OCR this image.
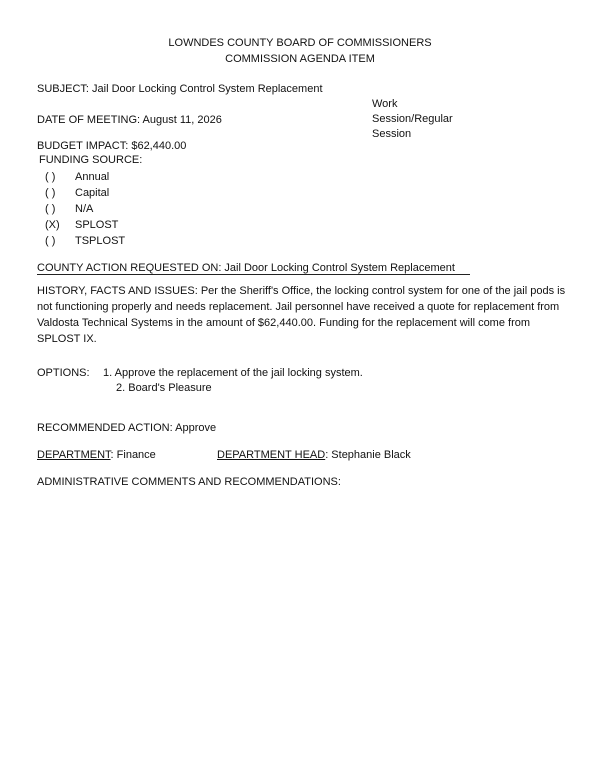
LOWNDES COUNTY BOARD OF COMMISSIONERS
COMMISSION AGENDA ITEM
SUBJECT: Jail Door Locking Control System Replacement
DATE OF MEETING: August 11, 2026
Work
Session/Regular
Session
BUDGET IMPACT: $62,440.00
FUNDING SOURCE:
( ) Annual
( ) Capital
( ) N/A
(X) SPLOST
( ) TSPLOST
COUNTY ACTION REQUESTED ON: Jail Door Locking Control System Replacement
HISTORY, FACTS AND ISSUES: Per the Sheriff's Office, the locking control system for one of the jail pods is not functioning properly and needs replacement. Jail personnel have received a quote for replacement from Valdosta Technical Systems in the amount of $62,440.00. Funding for the replacement will come from SPLOST IX.
OPTIONS: 1. Approve the replacement of the jail locking system.
2. Board's Pleasure
RECOMMENDED ACTION: Approve
DEPARTMENT: Finance	DEPARTMENT HEAD: Stephanie Black
ADMINISTRATIVE COMMENTS AND RECOMMENDATIONS:
